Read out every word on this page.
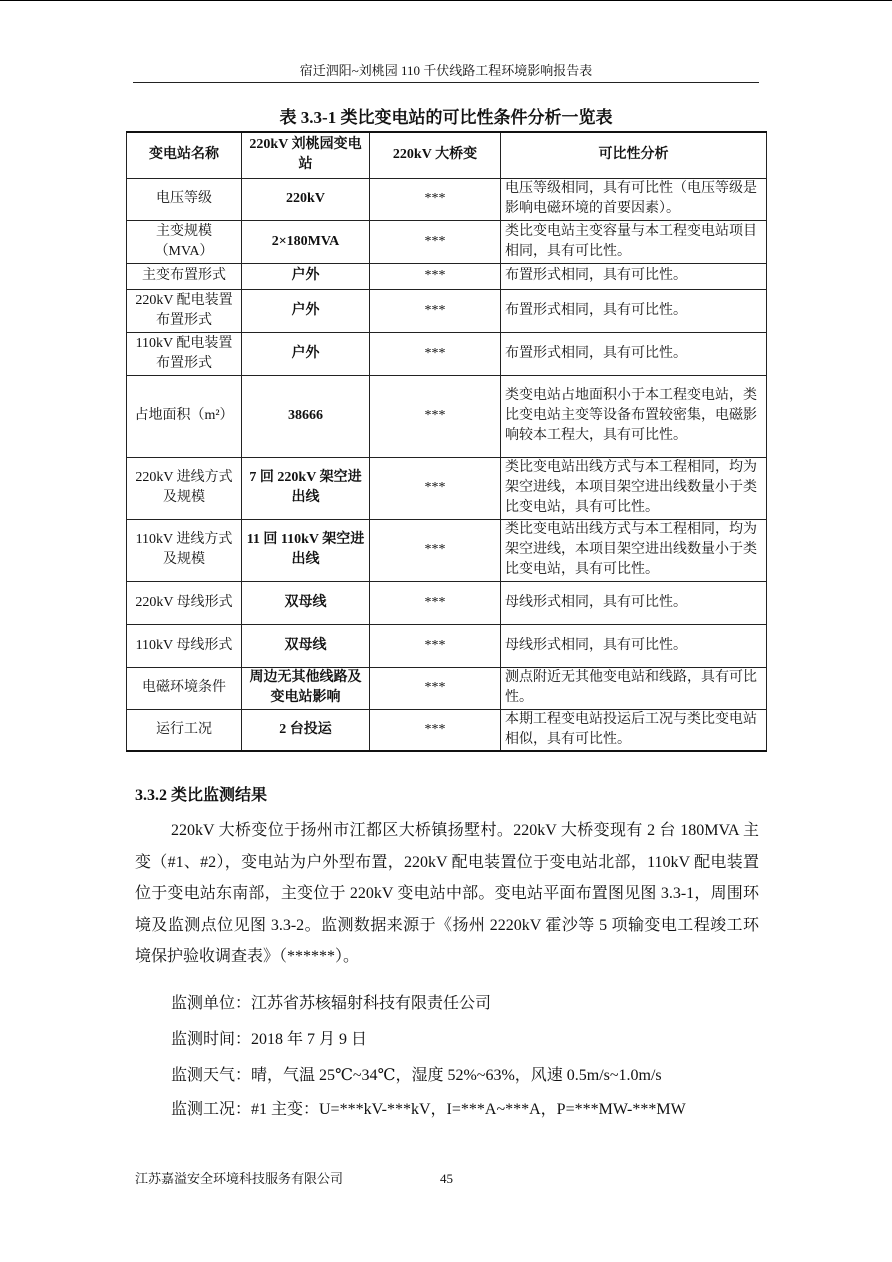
宿迁泗阳~刘桃园 110 千伏线路工程环境影响报告表
表 3.3-1 类比变电站的可比性条件分析一览表
变电站名称	220kV 刘桃园变电站	220kV 大桥变	可比性分析
电压等级	220kV	***	电压等级相同，具有可比性（电压等级是影响电磁环境的首要因素）。
主变规模（MVA）	2×180MVA	***	类比变电站主变容量与本工程变电站项目相同，具有可比性。
主变布置形式	户外	***	布置形式相同，具有可比性。
220kV 配电装置布置形式	户外	***	布置形式相同，具有可比性。
110kV 配电装置布置形式	户外	***	布置形式相同，具有可比性。
占地面积（m²）	38666	***	类变电站占地面积小于本工程变电站，类比变电站主变等设备布置较密集，电磁影响较本工程大，具有可比性。
220kV 进线方式及规模	7 回 220kV 架空进出线	***	类比变电站出线方式与本工程相同，均为架空进线，本项目架空进出线数量小于类比变电站，具有可比性。
110kV 进线方式及规模	11 回 110kV 架空进出线	***	类比变电站出线方式与本工程相同，均为架空进线，本项目架空进出线数量小于类比变电站，具有可比性。
220kV 母线形式	双母线	***	母线形式相同，具有可比性。
110kV 母线形式	双母线	***	母线形式相同，具有可比性。
电磁环境条件	周边无其他线路及变电站影响	***	测点附近无其他变电站和线路，具有可比性。
运行工况	2 台投运	***	本期工程变电站投运后工况与类比变电站相似，具有可比性。
3.3.2 类比监测结果
220kV 大桥变位于扬州市江都区大桥镇扬墅村。220kV 大桥变现有 2 台 180MVA 主变（#1、#2），变电站为户外型布置，220kV 配电装置位于变电站北部，110kV 配电装置位于变电站东南部，主变位于 220kV 变电站中部。变电站平面布置图见图 3.3-1，周围环境及监测点位见图 3.3-2。监测数据来源于《扬州 2220kV 霍沙等 5 项输变电工程竣工环境保护验收调查表》（******）。
监测单位：江苏省苏核辐射科技有限责任公司
监测时间：2018 年 7 月 9 日
监测天气：晴，气温 25℃~34℃，湿度 52%~63%，风速 0.5m/s~1.0m/s
监测工况：#1 主变：U=***kV-***kV，I=***A~***A，P=***MW-***MW
江苏嘉溢安全环境科技服务有限公司	45
